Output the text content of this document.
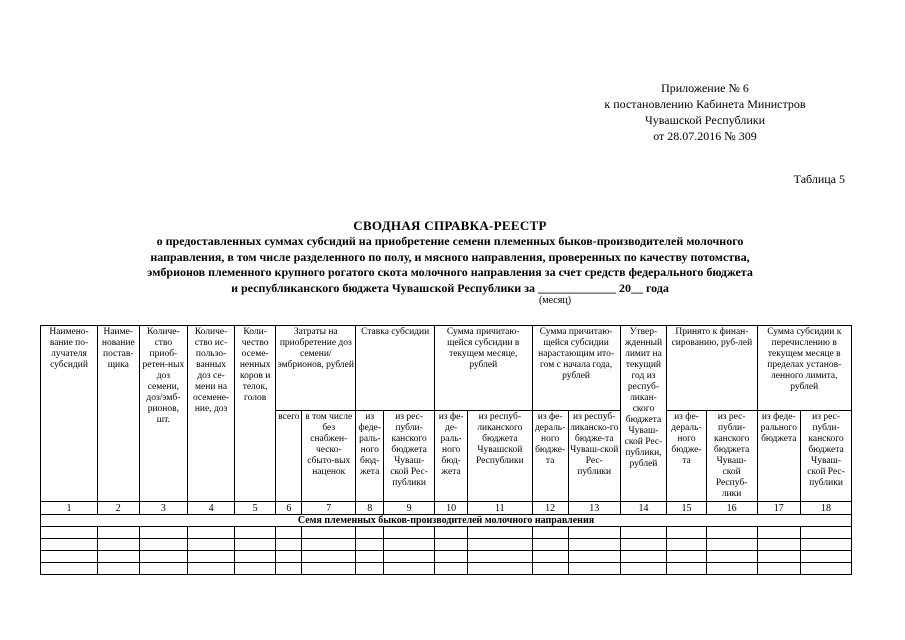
Приложение № 6
к постановлению Кабинета Министров
Чувашской Республики
от 28.07.2016 № 309
Таблица 5
СВОДНАЯ СПРАВКА-РЕЕСТР
о предоставленных суммах субсидий на приобретение семени племенных быков-производителей молочного
направления, в том числе разделенного по полу, и мясного направления, проверенных по качеству потомства,
эмбрионов племенного крупного рогатого скота молочного направления за счет средств федерального бюджета
и республиканского бюджета Чувашской Республики за _____________ 20__ года
(месяц)
Наимено-вание по-лучателя субсидий	Наиме-нование постав-щика	Количе-ство приоб-ретен-ных доз семени, доз/эмб-рионов, шт.	Количе-ство ис-пользо-ванных доз се-мени на осемене-ние, доз	Коли-чество осеме-ненных коров и телок, голов	Затраты на приобретение доз семени/ эмбрионов, рублей		Ставка субсидии		Сумма причитаю-щейся субсидии в текущем месяце, рублей		Сумма причитаю-щейся субсидии нарастающим ито-гом с начала года, рублей		Утвер-жденный лимит на текущий год из респуб-ликан-ского бюджета Чуваш-ской Рес-публики, рублей	Принято к финан-сированию, руб-лей		Сумма субсидии к перечислению в текущем месяце в пределах установ-ленного лимита, рублей	
					всего	в том числе без снабжен-ческо-сбыто-вых наценок	из феде-раль-ного бюд-жета	из рес-публи-канского бюджета Чуваш-ской Рес-публики	из фе-де-раль-ного бюд-жета	из респуб-ликанского бюджета Чувашской Республики	из фе-дераль-ного бюдже-та	из респуб-ликанско-го бюдже-та Чуваш-ской Рес-публики		из фе-дераль-ного бюдже-та	из рес-публи-канского бюджета Чуваш-ской Респуб-лики	из феде-рального бюджета	из рес-публи-канского бюджета Чуваш-ской Рес-публики
1	2	3	4	5	6	7	8	9	10	11	12	13	14	15	16	17	18
Семя племенных быков-производителей молочного направления																	
